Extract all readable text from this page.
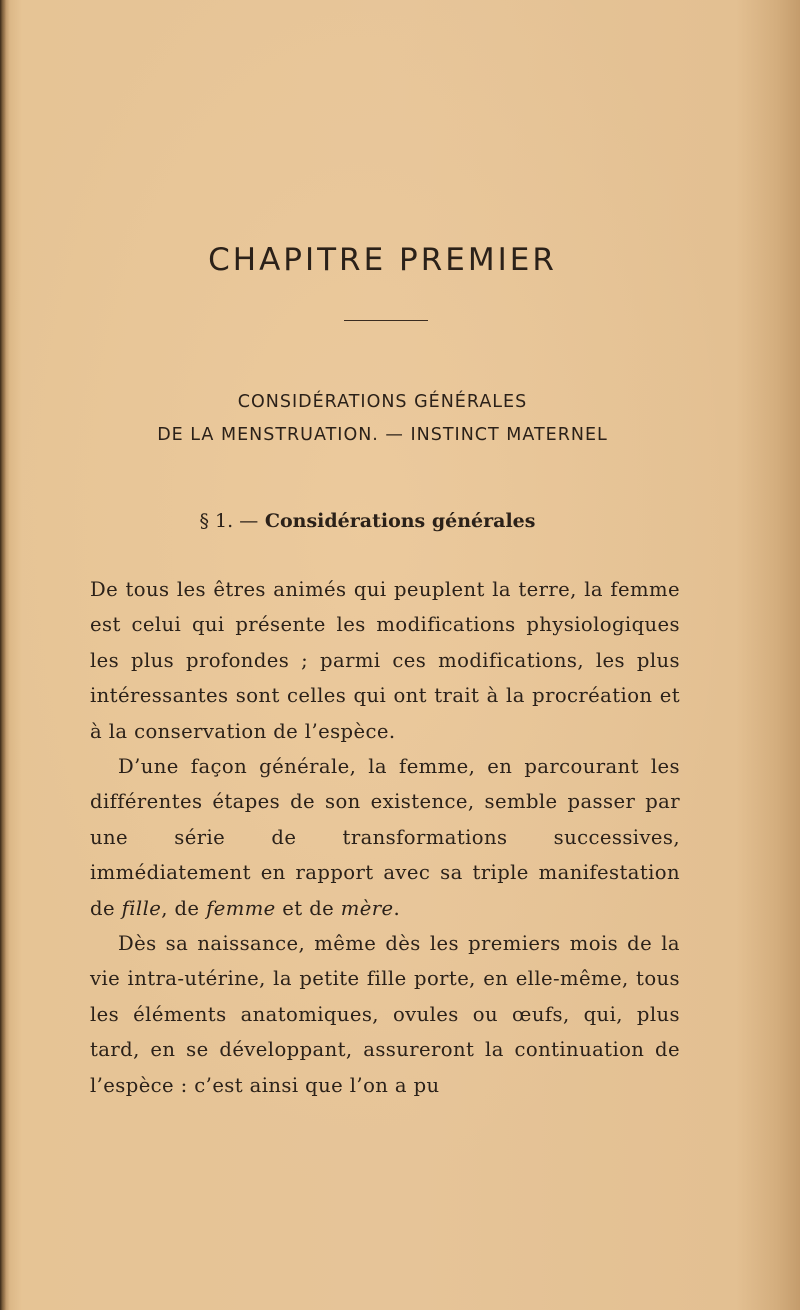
CHAPITRE PREMIER
CONSIDÉRATIONS GÉNÉRALES
DE LA MENSTRUATION. — INSTINCT MATERNEL
§ 1. — Considérations générales

De tous les êtres animés qui peuplent la terre, la femme est celui qui présente les modifications physiologiques les plus profondes ; parmi ces modifications, les plus intéressantes sont celles qui ont trait à la procréation et à la conservation de l’espèce.

D’une façon générale, la femme, en parcourant les différentes étapes de son existence, semble passer par une série de transformations successives, immédiatement en rapport avec sa triple manifestation de fille, de femme et de mère.

Dès sa naissance, même dès les premiers mois de la vie intra-utérine, la petite fille porte, en elle-même, tous les éléments anatomiques, ovules ou œufs, qui, plus tard, en se développant, assureront la continuation de l’espèce : c’est ainsi que l’on a pu
